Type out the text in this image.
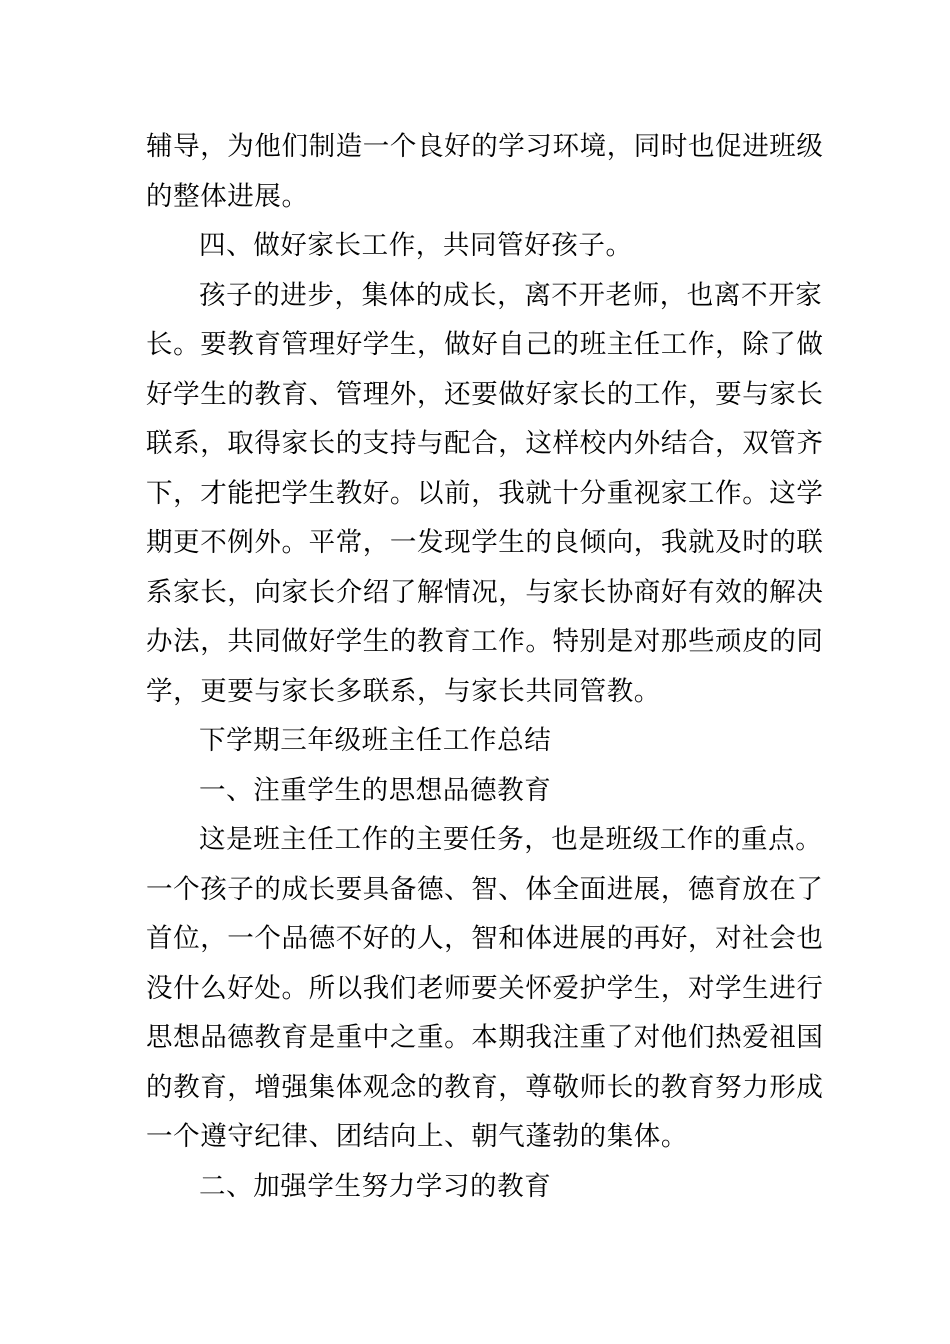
辅导，为他们制造一个良好的学习环境，同时也促进班级
的整体进展。
四、做好家长工作，共同管好孩子。
孩子的进步，集体的成长，离不开老师，也离不开家
长。要教育管理好学生，做好自己的班主任工作，除了做
好学生的教育、管理外，还要做好家长的工作，要与家长
联系，取得家长的支持与配合，这样校内外结合，双管齐
下，才能把学生教好。以前，我就十分重视家工作。这学
期更不例外。平常，一发现学生的良倾向，我就及时的联
系家长，向家长介绍了解情况，与家长协商好有效的解决
办法，共同做好学生的教育工作。特别是对那些顽皮的同
学，更要与家长多联系，与家长共同管教。
下学期三年级班主任工作总结
一、注重学生的思想品德教育
这是班主任工作的主要任务，也是班级工作的重点。
一个孩子的成长要具备德、智、体全面进展，德育放在了
首位，一个品德不好的人，智和体进展的再好，对社会也
没什么好处。所以我们老师要关怀爱护学生，对学生进行
思想品德教育是重中之重。本期我注重了对他们热爱祖国
的教育，增强集体观念的教育，尊敬师长的教育努力形成
一个遵守纪律、团结向上、朝气蓬勃的集体。
二、加强学生努力学习的教育
